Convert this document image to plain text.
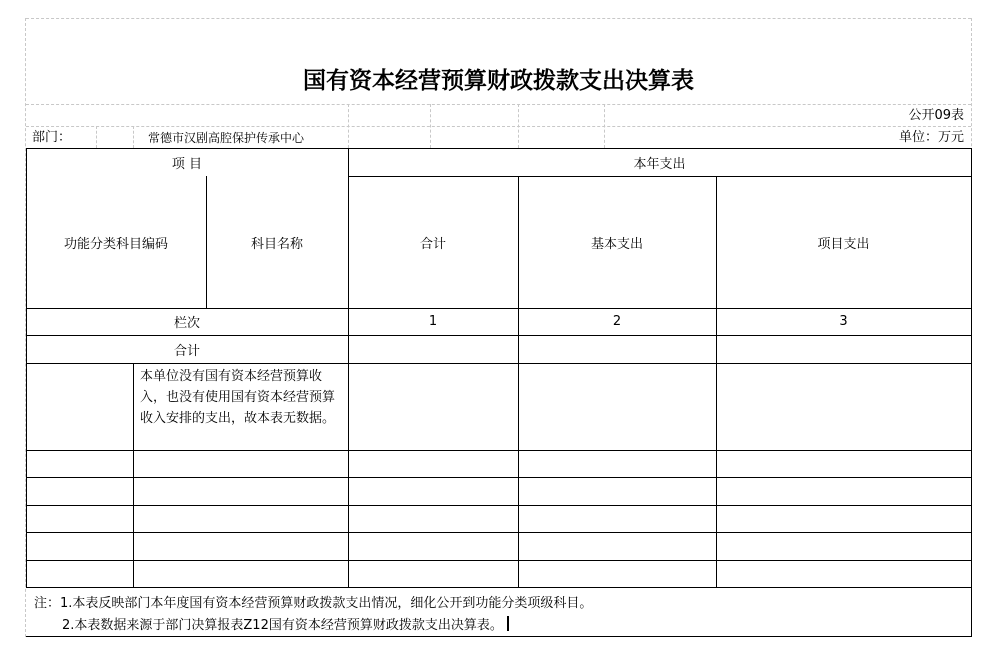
国有资本经营预算财政拨款支出决算表
公开09表
部门：	常德市汉剧高腔保护传承中心	单位：万元
项 目	本年支出
功能分类科目编码	科目名称	合计	基本支出	项目支出
栏次	1	2	3
合计
本单位没有国有资本经营预算收入，也没有使用国有资本经营预算收入安排的支出，故本表无数据。
注：1.本表反映部门本年度国有资本经营预算财政拨款支出情况，细化公开到功能分类项级科目。
2.本表数据来源于部门决算报表Z12国有资本经营预算财政拨款支出决算表。
